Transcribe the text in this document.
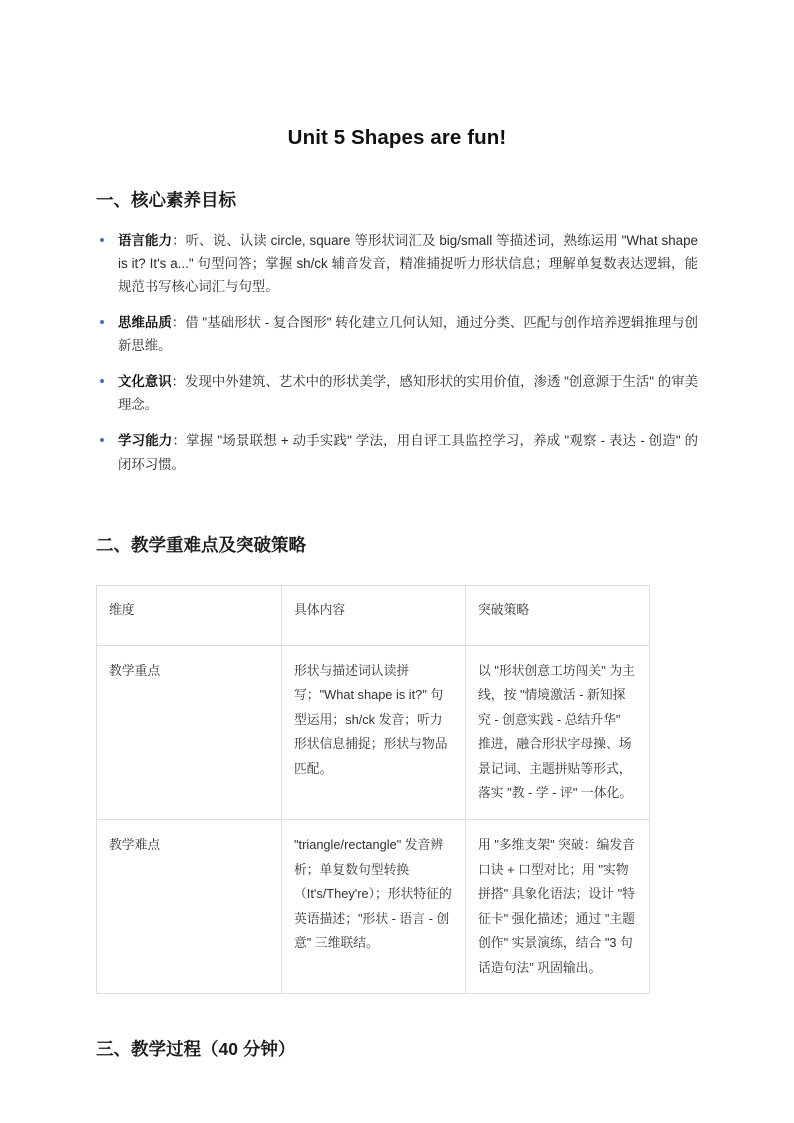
Unit 5 Shapes are fun!
一、核心素养目标
语言能力：听、说、认读 circle, square 等形状词汇及 big/small 等描述词，熟练运用 "What shape is it? It's a..." 句型问答；掌握 sh/ck 辅音发音，精准捕捉听力形状信息；理解单复数表达逻辑，能规范书写核心词汇与句型。
思维品质：借 "基础形状 - 复合图形" 转化建立几何认知，通过分类、匹配与创作培养逻辑推理与创新思维。
文化意识：发现中外建筑、艺术中的形状美学，感知形状的实用价值，渗透 "创意源于生活" 的审美理念。
学习能力：掌握 "场景联想 + 动手实践" 学法，用自评工具监控学习，养成 "观察 - 表达 - 创造" 的闭环习惯。
二、教学重难点及突破策略
维度	具体内容	突破策略
教学重点	形状与描述词认读拼写；"What shape is it?" 句型运用；sh/ck 发音；听力形状信息捕捉；形状与物品匹配。	以 "形状创意工坊闯关" 为主线，按 "情境激活 - 新知探究 - 创意实践 - 总结升华" 推进，融合形状字母操、场景记词、主题拼贴等形式，落实 "教 - 学 - 评" 一体化。
教学难点	"triangle/rectangle" 发音辨析；单复数句型转换（It's/They're）；形状特征的英语描述；"形状 - 语言 - 创意" 三维联结。	用 "多维支架" 突破：编发音口诀 + 口型对比；用 "实物拼搭" 具象化语法；设计 "特征卡" 强化描述；通过 "主题创作" 实景演练，结合 "3 句话造句法" 巩固输出。
三、教学过程（40 分钟）
